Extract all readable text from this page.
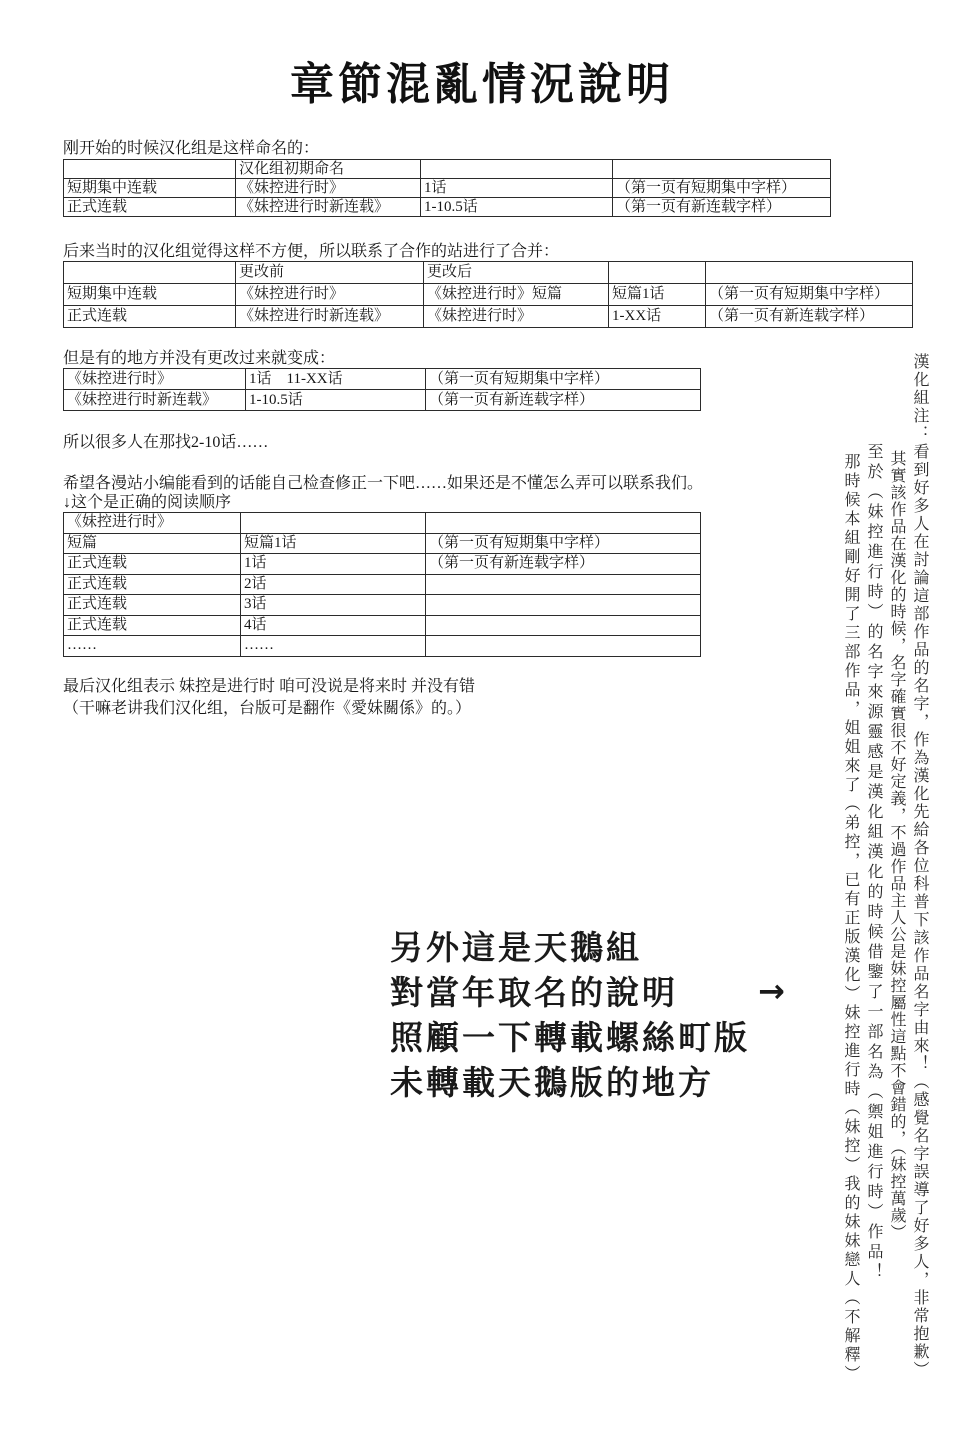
章節混亂情況說明
刚开始的时候汉化组是这样命名的：
	汉化组初期命名		
短期集中连载	《妹控进行时》	1话	（第一页有短期集中字样）
正式连载	《妹控进行时新连载》	1-10.5话	（第一页有新连载字样）
后来当时的汉化组觉得这样不方便，所以联系了合作的站进行了合并：
	更改前	更改后		
短期集中连载	《妹控进行时》	《妹控进行时》短篇	短篇1话	（第一页有短期集中字样）
正式连载	《妹控进行时新连载》	《妹控进行时》	1-XX话	（第一页有新连载字样）
但是有的地方并没有更改过来就变成：
《妹控进行时》	1话　11-XX话	（第一页有短期集中字样）
《妹控进行时新连载》	1-10.5话	（第一页有新连载字样）
所以很多人在那找2-10话……
希望各漫站小编能看到的话能自己检查修正一下吧……如果还是不懂怎么弄可以联系我们。
↓这个是正确的阅读顺序
《妹控进行时》		
短篇	短篇1话	（第一页有短期集中字样）
正式连载	1话	（第一页有新连载字样）
正式连载	2话	
正式连载	3话	
正式连载	4话	
……	……	
最后汉化组表示 妹控是进行时 咱可没说是将来时 并没有错
（干嘛老讲我们汉化组，台版可是翻作《愛妹關係》的。）
另外這是天鵝組
對當年取名的說明
照顧一下轉載螺絲町版
未轉載天鵝版的地方
→	漢化組注：看到好多人在討論這部作品的名字，作為漢化先給各位科普下該作品名字由來！（感覺名字誤導了好多人，非常抱歉）
其實該作品在漢化的時候，名字確實很不好定義，不過作品主人公是妹控屬性這點不會錯的，（妹控萬歲）
至於（妹控進行時）的名字來源靈感是漢化組漢化的時候借鑒了一部名為（禦姐進行時）作品！
那時候本組剛好開了三部作品，姐姐來了（弟控，已有正版漢化）妹控進行時（妹控）我的妹妹戀人（不解釋）
